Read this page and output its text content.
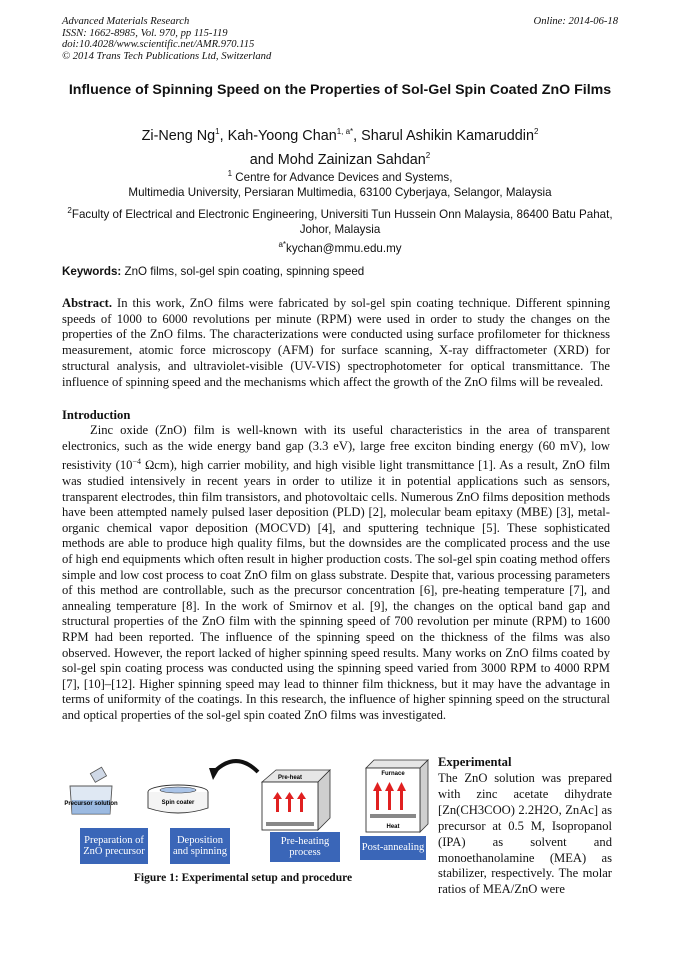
Advanced Materials Research
ISSN: 1662-8985, Vol. 970, pp 115-119
doi:10.4028/www.scientific.net/AMR.970.115
© 2014 Trans Tech Publications Ltd, Switzerland
Online: 2014-06-18
Influence of Spinning Speed on the Properties of Sol-Gel Spin Coated ZnO Films
Zi-Neng Ng$^1$, Kah-Yoong Chan$^{1, a*}$, Sharul Ashikin Kamaruddin$^2$
and Mohd Zainizan Sahdan$^2$
$^1$ Centre for Advance Devices and Systems,
Multimedia University, Persiaran Multimedia, 63100 Cyberjaya, Selangor, Malaysia
$^2$Faculty of Electrical and Electronic Engineering, Universiti Tun Hussein Onn Malaysia, 86400 Batu Pahat, Johor, Malaysia
$^{a*}$kychan@mmu.edu.my
Keywords: ZnO films, sol-gel spin coating, spinning speed
Abstract. In this work, ZnO films were fabricated by sol-gel spin coating technique. Different spinning speeds of 1000 to 6000 revolutions per minute (RPM) were used in order to study the changes on the properties of the ZnO films. The characterizations were conducted using surface profilometer for thickness measurement, atomic force microscopy (AFM) for surface scanning, X-ray diffractometer (XRD) for structural analysis, and ultraviolet-visible (UV-VIS) spectrophotometer for optical transmittance. The influence of spinning speed and the mechanisms which affect the growth of the ZnO films will be revealed.
Introduction
Zinc oxide (ZnO) film is well-known with its useful characteristics in the area of transparent electronics, such as the wide energy band gap (3.3 eV), large free exciton binding energy (60 mV), low resistivity ($10^{-4}$ Ωcm), high carrier mobility, and high visible light transmittance [1]. As a result, ZnO film was studied intensively in recent years in order to utilize it in potential applications such as sensors, transparent electrodes, thin film transistors, and photovoltaic cells. Numerous ZnO films deposition methods have been attempted namely pulsed laser deposition (PLD) [2], molecular beam epitaxy (MBE) [3], metal-organic chemical vapor deposition (MOCVD) [4], and sputtering technique [5]. These sophisticated methods are able to produce high quality films, but the downsides are the complicated process and the use of high end equipments which often result in higher production costs. The sol-gel spin coating method offers simple and low cost process to coat ZnO film on glass substrate. Despite that, various processing parameters of this method are controllable, such as the precursor concentration [6], pre-heating temperature [7], and annealing temperature [8]. In the work of Smirnov et al. [9], the changes on the optical band gap and structural properties of the ZnO film with the spinning speed of 700 revolution per minute (RPM) to 1600 RPM had been reported. The influence of the spinning speed on the thickness of the films was also observed. However, the report lacked of higher spinning speed results. Many works on ZnO films coated by sol-gel spin coating process was conducted using the spinning speed varied from 3000 RPM to 4000 RPM [7], [10]–[12]. Higher spinning speed may lead to thinner film thickness, but it may have the advantage in terms of uniformity of the coatings. In this research, the influence of higher spinning speed on the structural and optical properties of the sol-gel spin coated ZnO films was investigated.
Experimental
The ZnO solution was prepared with zinc acetate dihydrate [Zn(CH3COO) 2.2H2O, ZnAc] as precursor at 0.5 M, Isopropanol (IPA) as solvent and monoethanolamine (MEA) as stabilizer, respectively. The molar ratios of MEA/ZnO were
Precursor solution	Spin coater
Pre-heat
Furnace
Heat
Preparation of ZnO precursor
Deposition and spinning
Pre-heating process	Post-annealing
Figure 1: Experimental setup and procedure
